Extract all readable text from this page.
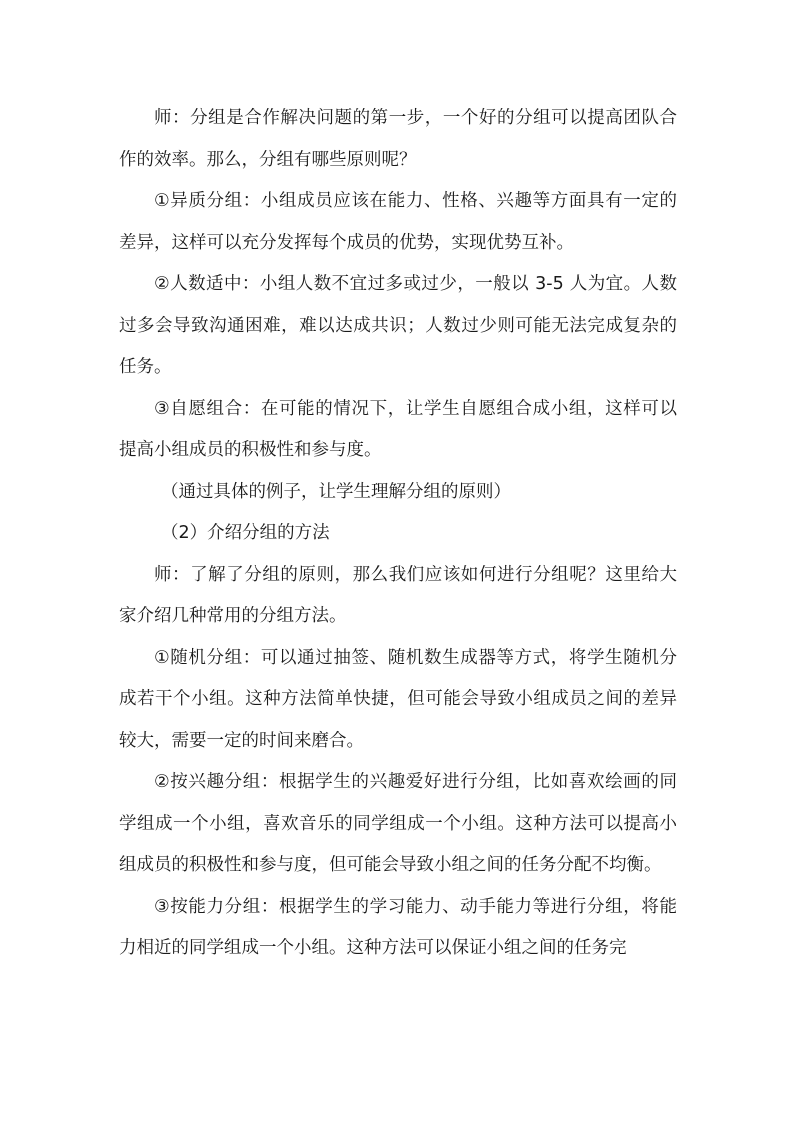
师：分组是合作解决问题的第一步，一个好的分组可以提高团队合作的效率。那么，分组有哪些原则呢？

①异质分组：小组成员应该在能力、性格、兴趣等方面具有一定的差异，这样可以充分发挥每个成员的优势，实现优势互补。

②人数适中：小组人数不宜过多或过少，一般以 3-5 人为宜。人数过多会导致沟通困难，难以达成共识；人数过少则可能无法完成复杂的任务。

③自愿组合：在可能的情况下，让学生自愿组合成小组，这样可以提高小组成员的积极性和参与度。

（通过具体的例子，让学生理解分组的原则）

（2）介绍分组的方法

师：了解了分组的原则，那么我们应该如何进行分组呢？这里给大家介绍几种常用的分组方法。

①随机分组：可以通过抽签、随机数生成器等方式，将学生随机分成若干个小组。这种方法简单快捷，但可能会导致小组成员之间的差异较大，需要一定的时间来磨合。

②按兴趣分组：根据学生的兴趣爱好进行分组，比如喜欢绘画的同学组成一个小组，喜欢音乐的同学组成一个小组。这种方法可以提高小组成员的积极性和参与度，但可能会导致小组之间的任务分配不均衡。

③按能力分组：根据学生的学习能力、动手能力等进行分组，将能力相近的同学组成一个小组。这种方法可以保证小组之间的任务完
